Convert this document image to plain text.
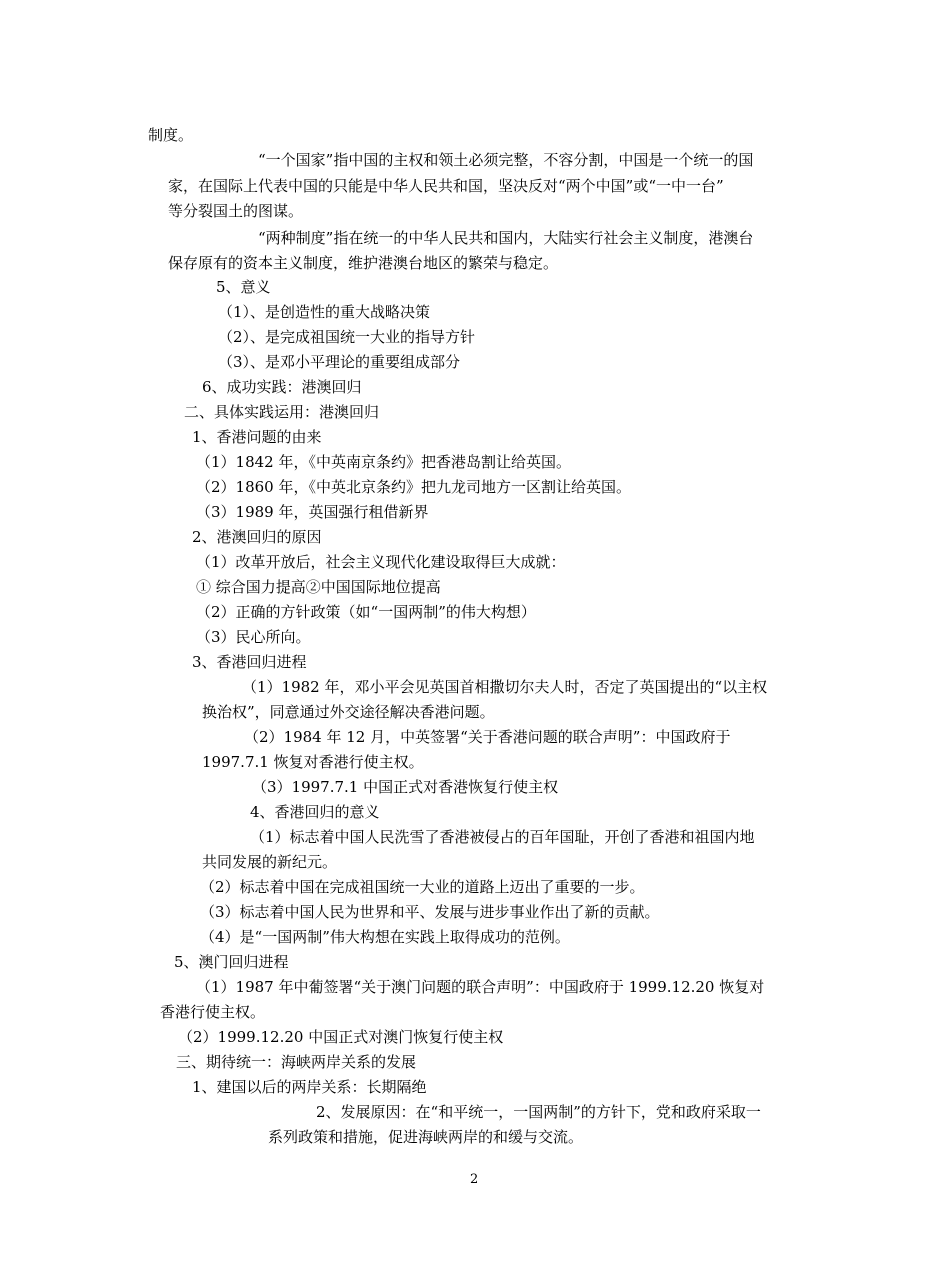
制度。
“一个国家”指中国的主权和领土必须完整，不容分割，中国是一个统一的国
家，在国际上代表中国的只能是中华人民共和国，坚决反对“两个中国”或“一中一台”
等分裂国土的图谋。
“两种制度”指在统一的中华人民共和国内，大陆实行社会主义制度，港澳台
保存原有的资本主义制度，维护港澳台地区的繁荣与稳定。
5、意义
（1）、是创造性的重大战略决策
（2）、是完成祖国统一大业的指导方针
（3）、是邓小平理论的重要组成部分
6、成功实践：港澳回归
二、具体实践运用：港澳回归
1、香港问题的由来
（1）1842 年，《中英南京条约》把香港岛割让给英国。
（2）1860 年，《中英北京条约》把九龙司地方一区割让给英国。
（3）1989 年，英国强行租借新界
2、港澳回归的原因
（1）改革开放后，社会主义现代化建设取得巨大成就：
① 综合国力提高②中国国际地位提高
（2）正确的方针政策（如“一国两制”的伟大构想）
（3）民心所向。
3、香港回归进程
（1）1982 年，邓小平会见英国首相撒切尔夫人时，否定了英国提出的“以主权
换治权”，同意通过外交途径解决香港问题。
（2）1984 年 12 月，中英签署“关于香港问题的联合声明”：中国政府于
1997.7.1 恢复对香港行使主权。
（3）1997.7.1 中国正式对香港恢复行使主权
4、香港回归的意义
（1）标志着中国人民洗雪了香港被侵占的百年国耻，开创了香港和祖国内地
共同发展的新纪元。
（2）标志着中国在完成祖国统一大业的道路上迈出了重要的一步。
（3）标志着中国人民为世界和平、发展与进步事业作出了新的贡献。
（4）是“一国两制”伟大构想在实践上取得成功的范例。
5、澳门回归进程
（1）1987 年中葡签署“关于澳门问题的联合声明”：中国政府于 1999.12.20 恢复对
香港行使主权。
（2）1999.12.20 中国正式对澳门恢复行使主权
三、期待统一：海峡两岸关系的发展
1、建国以后的两岸关系：长期隔绝
2、发展原因：在“和平统一，一国两制”的方针下，党和政府采取一
系列政策和措施，促进海峡两岸的和缓与交流。
2
